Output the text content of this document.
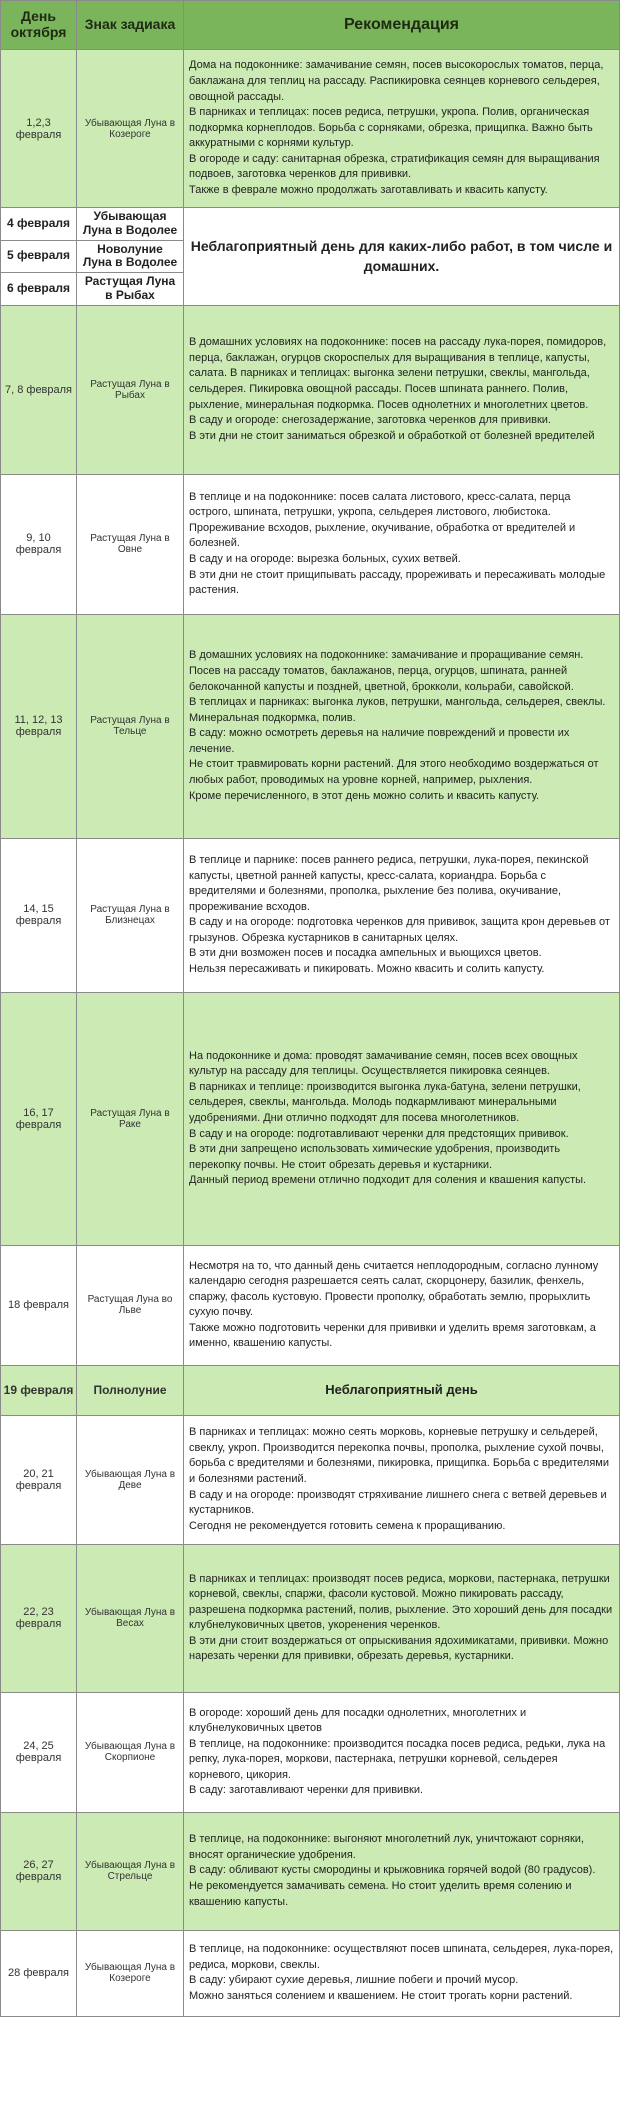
День октября	Знак задиака	Рекомендация
1,2,3 февраля	Убывающая Луна в Козероге	Дома на подоконнике: замачивание семян, посев высокорослых томатов, перца, баклажана для теплиц на рассаду. Распикировка сеянцев корневого сельдерея, овощной рассады.
В парниках и теплицах: посев редиса, петрушки, укропа. Полив, органическая подкормка корнеплодов. Борьба с сорняками, обрезка, прищипка. Важно быть аккуратными с корнями культур.
В огороде и саду: санитарная обрезка, стратификация семян для выращивания подвоев, заготовка черенков для прививки.
Также в феврале можно продолжать заготавливать и квасить капусту.

4 февраля	Убывающая Луна в Водолее	Неблагоприятный день для каких-либо работ, в том числе и домашних.
5 февраля	Новолуние Луна в Водолее	
6 февраля	Растущая Луна в Рыбах	
7, 8 февраля	Растущая Луна в Рыбах	В домашних условиях на подоконнике: посев на рассаду лука-порея, помидоров, перца, баклажан, огурцов скороспелых для выращивания в теплице, капусты, салата. В парниках и теплицах: выгонка зелени петрушки, свеклы, мангольда, сельдерея. Пикировка овощной рассады. Посев шпината раннего. Полив, рыхление, минеральная подкормка. Посев однолетних и многолетних цветов.
В саду и огороде: снегозадержание, заготовка черенков для прививки.
В эти дни не стоит заниматься обрезкой и обработкой от болезней вредителей

9, 10 февраля	Растущая Луна в Овне	В теплице и на подоконнике: посев салата листового, кресс-салата, перца острого, шпината, петрушки, укропа, сельдерея листового, любистока. Прореживание всходов, рыхление, окучивание, обработка от вредителей и болезней.
В саду и на огороде: вырезка больных, сухих ветвей.
В эти дни не стоит прищипывать рассаду, прореживать и пересаживать молодые растения.

11, 12, 13 февраля	Растущая Луна в Тельце	В домашних условиях на подоконнике: замачивание и проращивание семян. Посев на рассаду томатов, баклажанов, перца, огурцов, шпината, ранней белокочанной капусты и поздней, цветной, брокколи, кольраби, савойской.
В теплицах и парниках: выгонка луков, петрушки, мангольда, сельдерея, свеклы. Минеральная подкормка, полив.
В саду: можно осмотреть деревья на наличие повреждений и провести их лечение.
Не стоит травмировать корни растений. Для этого необходимо воздержаться от любых работ, проводимых на уровне корней, например, рыхления.
Кроме перечисленного, в этот день можно солить и квасить капусту.

14, 15 февраля	Растущая Луна в Близнецах	В теплице и парнике: посев раннего редиса, петрушки, лука-порея, пекинской капусты, цветной ранней капусты, кресс-салата, кориандра. Борьба с вредителями и болезнями, прополка, рыхление без полива, окучивание, прореживание всходов.
В саду и на огороде: подготовка черенков для прививок, защита крон деревьев от грызунов. Обрезка кустарников в санитарных целях.
В эти дни возможен посев и посадка ампельных и вьющихся цветов.
Нельзя пересаживать и пикировать. Можно квасить и солить капусту.

16, 17 февраля	Растущая Луна в Раке	На подоконнике и дома: проводят замачивание семян, посев всех овощных культур на рассаду для теплицы. Осуществляется пикировка сеянцев.
В парниках и теплице: производится выгонка лука-батуна, зелени петрушки, сельдерея, свеклы, мангольда. Молодь подкармливают минеральными удобрениями. Дни отлично подходят для посева многолетников.
В саду и на огороде: подготавливают черенки для предстоящих прививок.
В эти дни запрещено использовать химические удобрения, производить перекопку почвы. Не стоит обрезать деревья и кустарники.
Данный период времени отлично подходит для соления и квашения капусты.

18 февраля	Растущая Луна во Льве	Несмотря на то, что данный день считается неплодородным, согласно лунному календарю сегодня разрешается сеять салат, скорцонеру, базилик, фенхель, спаржу, фасоль кустовую. Провести прополку, обработать землю, прорыхлить сухую почву.
Также можно подготовить черенки для прививки и уделить время заготовкам, а именно, квашению капусты.

19 февраля	Полнолуние	Неблагоприятный день
20, 21 февраля	Убывающая Луна в Деве	В парниках и теплицах: можно сеять морковь, корневые петрушку и сельдерей, свеклу, укроп. Производится перекопка почвы, прополка, рыхление сухой почвы, борьба с вредителями и болезнями, пикировка, прищипка. Борьба с вредителями и болезнями растений.
В саду и на огороде: производят стряхивание лишнего снега с ветвей деревьев и кустарников.
Сегодня не рекомендуется готовить семена к проращиванию.

22, 23 февраля	Убывающая Луна в Весах	В парниках и теплицах: производят посев редиса, моркови, пастернака, петрушки корневой, свеклы, спаржи, фасоли кустовой. Можно пикировать рассаду, разрешена подкормка растений, полив, рыхление. Это хороший день для посадки клубнелуковичных цветов, укоренения черенков.
В эти дни стоит воздержаться от опрыскивания ядохимикатами, прививки. Можно нарезать черенки для прививки, обрезать деревья, кустарники.

24, 25 февраля	Убывающая Луна в Скорпионе	В огороде: хороший день для посадки однолетних, многолетних и клубнелуковичных цветов
В теплице, на подоконнике: производится посадка посев редиса, редьки, лука на репку, лука-порея, моркови, пастернака, петрушки корневой, сельдерея корневого, цикория.
В саду: заготавливают черенки для прививки.

26, 27 февраля	Убывающая Луна в Стрельце	В теплице, на подоконнике: выгоняют многолетний лук, уничтожают сорняки, вносят органические удобрения.
В саду: обливают кусты смородины и крыжовника горячей водой (80 градусов).
Не рекомендуется замачивать семена. Но стоит уделить время солению и квашению капусты.

28 февраля	Убывающая Луна в Козероге	В теплице, на подоконнике: осуществляют посев шпината, сельдерея, лука-порея, редиса, моркови, свеклы.
В саду: убирают сухие деревья, лишние побеги и прочий мусор.
Можно заняться солением и квашением. Не стоит трогать корни растений.
